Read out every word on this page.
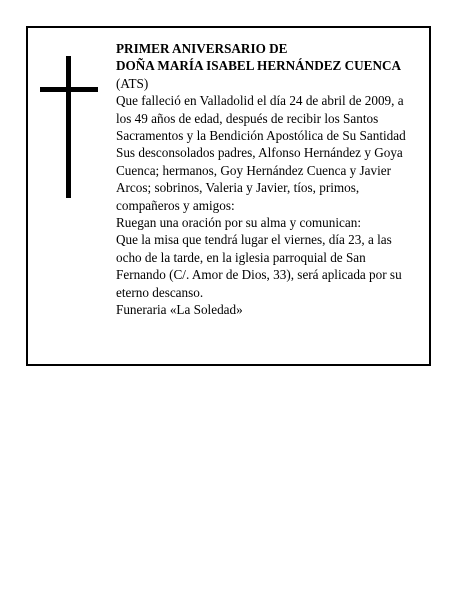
PRIMER ANIVERSARIO DE
DOÑA MARÍA ISABEL HERNÁNDEZ CUENCA
(ATS)
Que falleció en Valladolid el día 24 de abril de 2009, a los 49 años de edad, después de recibir los Santos Sacramentos y la Bendición Apostólica de Su Santidad
Sus desconsolados padres, Alfonso Hernández y Goya Cuenca; hermanos, Goy Hernández Cuenca y Javier Arcos; sobrinos, Valeria y Javier, tíos, primos, compañeros y amigos:
Ruegan una oración por su alma y comunican:
Que la misa que tendrá lugar el viernes, día 23, a las ocho de la tarde, en la iglesia parroquial de San Fernando (C/. Amor de Dios, 33), será aplicada por su eterno descanso.
Funeraria «La Soledad»
